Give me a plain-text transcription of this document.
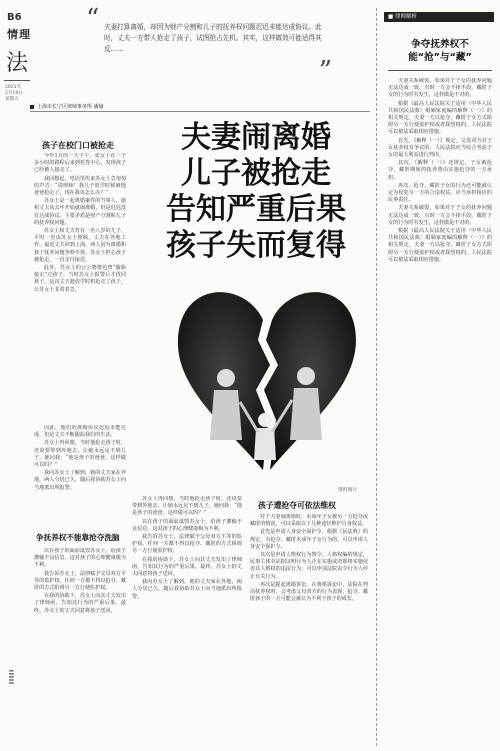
B6
情理
法
2021年
2月19日
星期五
▌▌▌▌▌
“ 夫妻打算离婚，却因为财产分割和儿子的抚养权问题迟迟未能达成协议。此时，丈夫一方带人抢走了孩子，试图抢占先机。其实，这样做效可能适得其反……
”
上海市长宁区律师事务所 潘瑜
夫妻闹离婚
儿子被抢走
告知严重后果
孩子失而复得
资料图片
孩子在校门口被抢走

今年1月的一天下午，张女士在一个多小时的路程后来到托育中心，发现孩子已经被人接走了。

我回想起，电话里传来苏女士急匆匆的声音：“请律师！我儿子放学时候被他爸爸抢走了，现在我该怎么办？”

苏女士是一起离婚案件的当事人，她和丈夫从去年开始就闹离婚，但是迟迟没有达成协议。主要矛盾是财产分割和儿子的抚养权问题。

苏女士和丈夫育有一名八岁的儿子，平时一直由苏女士照顾，丈夫在外地工作。最近丈夫回到上海，两人因为离婚和孩子抚养问题争吵不休。苏女士担心孩子被抢走，一直亲自接送。

此外，苏女士的公公婆婆也曾“偷偷接走”过孩子，当时苏女士报警后才找回孩子。这次丈夫趁放学时机抢走了孩子，让苏女士非常着急。

因此，他们的离婚协议迟迟未能达成，但是丈夫不断跟踪我们的生活。

苏女士再回想，当时他抢走孩子时，还说要带到外地去，让她永远见不到儿子。她问我：“他是孩子的爸爸，这样做可以吗？”

我向苏女士了解到，她的丈夫家在外地，两人分居已久。随后我协助苏女士向当地派出所报警。

争抚养权不能靠抢夺洗脑

以在孩子的面前诋毁苏女士，给孩子灌输不良信息，这对孩子的心理健康极为不利。

我告诉苏女士，法律赋予父母双方平等的监护权，任何一方都不得以抢夺、藏匿的方式阻碍另一方行使监护权。

在我的协助下，苏女士向其丈夫发出了律师函，告知其行为的严重后果。最终，苏女士的丈夫同意将孩子送回。

苏女士再回想，当时他抢走孩子时，还说要带到外地去，让她永远见不到儿子。她问我：“他是孩子的爸爸，这样做可以吗？”

以在孩子的面前诋毁苏女士，给孩子灌输不良信息，这对孩子的心理健康极为不利。

我告诉苏女士，法律赋予父母双方平等的监护权，任何一方都不得以抢夺、藏匿的方式阻碍另一方行使监护权。

在我的协助下，苏女士向其丈夫发出了律师函，告知其行为的严重后果。最终，苏女士的丈夫同意将孩子送回。

我向苏女士了解到，她的丈夫家在外地，两人分居已久。随后我协助苏女士向当地派出所报警。

孩子遭抢夺可依法维权

对于夫妻闹离婚时，未成年子女被另一方抢夺或藏匿的情况，可以采取以下几种途径维护自身权益。

首先是申请人身安全保护令。根据《民法典》的规定，有抢夺、藏匿未成年子女行为的，可以申请人身安全保护令。

其次是申请人格权行为禁令。人格权编的规定，民事主体有证据证明行为人正在实施或者即将实施侵害其人格权的违法行为，可以申请法院责令行为人停止有关行为。

再次是提起离婚诉讼。在离婚诉讼中，法院在判决抚养权时，会考虑父母双方的行为表现，抢夺、藏匿孩子的一方可能会被认为不利于孩子的成长。

■ 律师解析
争夺抚养权不能“抢”与“藏”

夫妻关系破裂，如果对于子女的抚养问题无法达成一致，有时一方会不择手段，藏匿子女的行为时有发生，这样做是不对的。

根据《最高人民法院关于适用〈中华人民共和国民法典〉婚姻家庭编的解释（一）》的相关规定，夫妻一方以抢夺、藏匿子女方式阻碍另一方行使监护权或者探望权的，人民法院可以依法采取相应措施。

首先，《解释（一）》规定，父母双方对子女抚养权有争议的，人民法院应当综合考虑子女的最大利益进行判决。

其次，《解释（一）》还规定，子女被抢夺、藏匿期间的抚养费由实施抢夺的一方承担。

再次，抢夺、藏匿子女的行为还可能被认定为侵犯另一方的合法权益，应当承担相应的民事责任。

夫妻关系破裂，如果对于子女的抚养问题无法达成一致，有时一方会不择手段，藏匿子女的行为时有发生，这样做是不对的。

根据《最高人民法院关于适用〈中华人民共和国民法典〉婚姻家庭编的解释（一）》的相关规定，夫妻一方以抢夺、藏匿子女方式阻碍另一方行使监护权或者探望权的，人民法院可以依法采取相应措施。
